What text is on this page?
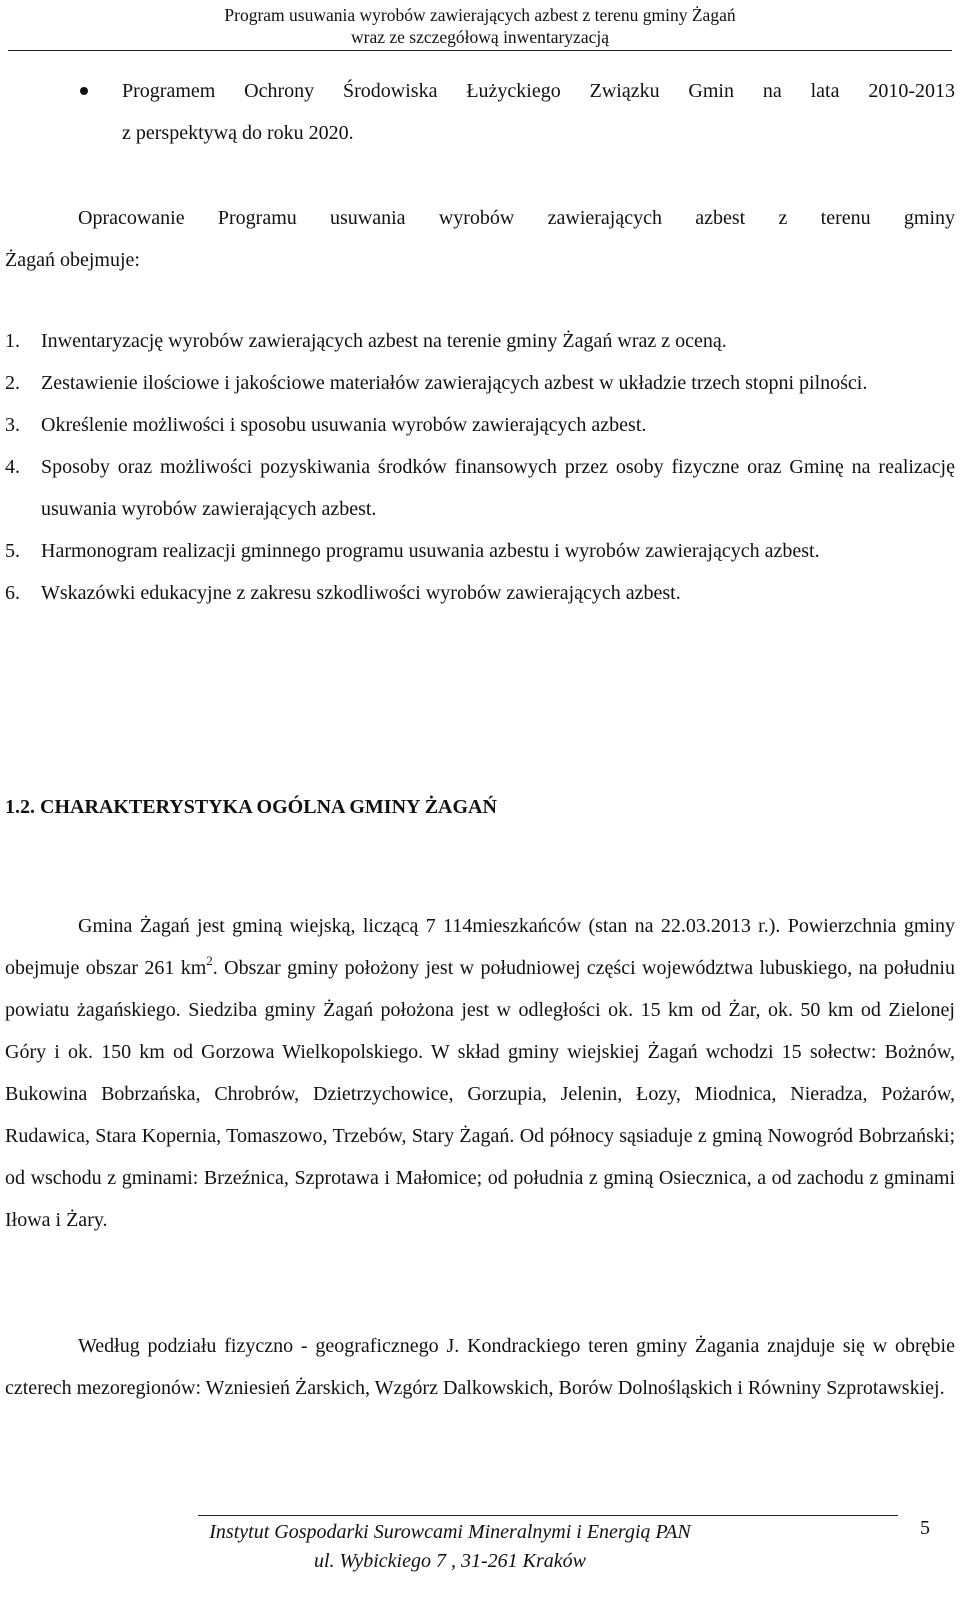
Program usuwania wyrobów zawierających azbest z terenu gminy Żagań
wraz ze szczegółową inwentaryzacją
Programem Ochrony Środowiska Łużyckiego Związku Gmin na lata 2010-2013
z perspektywą do roku 2020.
Opracowanie Programu usuwania wyrobów zawierających azbest z terenu gminy
Żagań obejmuje:
1. Inwentaryzację wyrobów zawierających azbest na terenie gminy Żagań wraz z oceną.
2. Zestawienie ilościowe i jakościowe materiałów zawierających azbest w układzie trzech stopni pilności.
3. Określenie możliwości i sposobu usuwania wyrobów zawierających azbest.
4. Sposoby oraz możliwości pozyskiwania środków finansowych przez osoby fizyczne oraz Gminę na realizację usuwania wyrobów zawierających azbest.
5. Harmonogram realizacji gminnego programu usuwania azbestu i wyrobów zawierających azbest.
6. Wskazówki edukacyjne z zakresu szkodliwości wyrobów zawierających azbest.
1.2. CHARAKTERYSTYKA OGÓLNA GMINY ŻAGAŃ
Gmina Żagań jest gminą wiejską, liczącą 7 114mieszkańców (stan na 22.03.2013 r.). Powierzchnia gminy obejmuje obszar 261 $km^2$. Obszar gminy położony jest w południowej części województwa lubuskiego, na południu powiatu żagańskiego. Siedziba gminy Żagań położona jest w odległości ok. 15 km od Żar, ok. 50 km od Zielonej Góry i ok. 150 km od Gorzowa Wielkopolskiego. W skład gminy wiejskiej Żagań wchodzi 15 sołectw: Bożnów, Bukowina Bobrzańska, Chrobrów, Dzietrzychowice, Gorzupia, Jelenin, Łozy, Miodnica, Nieradza, Pożarów, Rudawica, Stara Kopernia, Tomaszowo, Trzebów, Stary Żagań. Od północy sąsiaduje z gminą Nowogród Bobrzański; od wschodu z gminami: Brzeźnica, Szprotawa i Małomice; od południa z gminą Osiecznica, a od zachodu z gminami Iłowa i Żary.
Według podziału fizyczno - geograficznego J. Kondrackiego teren gminy Żagania znajduje się w obrębie czterech mezoregionów: Wzniesień Żarskich, Wzgórz Dalkowskich, Borów Dolnośląskich i Równiny Szprotawskiej.
Instytut Gospodarki Surowcami Mineralnymi i Energią PAN
ul. Wybickiego 7 , 31-261 Kraków
5
